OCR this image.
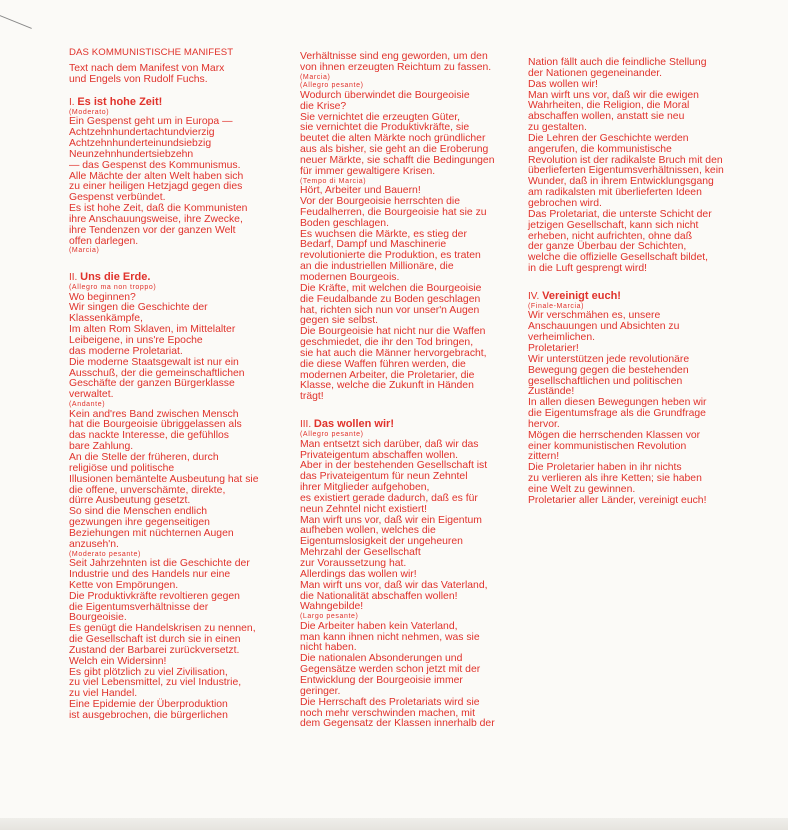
DAS KOMMUNISTISCHE MANIFEST
Text nach dem Manifest von Marx
und Engels von Rudolf Fuchs.
I. Es ist hohe Zeit!
(Moderato)
Ein Gespenst geht um in Europa —
Achtzehnhundertachtundvierzig
Achtzehnhunderteinundsiebzig
Neunzehnhundertsiebzehn
— das Gespenst des Kommunismus.
Alle Mächte der alten Welt haben sich
zu einer heiligen Hetzjagd gegen dies
Gespenst verbündet.
Es ist hohe Zeit, daß die Kommunisten
ihre Anschauungsweise, ihre Zwecke,
ihre Tendenzen vor der ganzen Welt
offen darlegen.
(Marcia)
II. Uns die Erde.
(Allegro ma non troppo)
Wo beginnen?
Wir singen die Geschichte der
Klassenkämpfe,
Im alten Rom Sklaven, im Mittelalter
Leibeigene, in uns're Epoche
das moderne Proletariat.
Die moderne Staatsgewalt ist nur ein
Ausschuß, der die gemeinschaftlichen
Geschäfte der ganzen Bürgerklasse
verwaltet.
(Andante)
Kein and'res Band zwischen Mensch
hat die Bourgeoisie übriggelassen als
das nackte Interesse, die gefühllos
bare Zahlung.
An die Stelle der früheren, durch
religiöse und politische
Illusionen bemäntelte Ausbeutung hat sie
die offene, unverschämte, direkte,
dürre Ausbeutung gesetzt.
So sind die Menschen endlich
gezwungen ihre gegenseitigen
Beziehungen mit nüchternen Augen
anzuseh'n.
(Moderato pesante)
Seit Jahrzehnten ist die Geschichte der
Industrie und des Handels nur eine
Kette von Empörungen.
Die Produktivkräfte revoltieren gegen
die Eigentumsverhältnisse der
Bourgeoisie.
Es genügt die Handelskrisen zu nennen,
die Gesellschaft ist durch sie in einen
Zustand der Barbarei zurückversetzt.
Welch ein Widersinn!
Es gibt plötzlich zu viel Zivilisation,
zu viel Lebensmittel, zu viel Industrie,
zu viel Handel.
Eine Epidemie der Überproduktion
ist ausgebrochen, die bürgerlichen
Verhältnisse sind eng geworden, um den
von ihnen erzeugten Reichtum zu fassen.
(Marcia)
(Allegro pesante)
Wodurch überwindet die Bourgeoisie
die Krise?
Sie vernichtet die erzeugten Güter,
sie vernichtet die Produktivkräfte, sie
beutet die alten Märkte noch gründlicher
aus als bisher, sie geht an die Eroberung
neuer Märkte, sie schafft die Bedingungen
für immer gewaltigere Krisen.
(Tempo di Marcia)
Hört, Arbeiter und Bauern!
Vor der Bourgeoisie herrschten die
Feudalherren, die Bourgeoisie hat sie zu
Boden geschlagen.
Es wuchsen die Märkte, es stieg der
Bedarf, Dampf und Maschinerie
revolutionierte die Produktion, es traten
an die industriellen Millionäre, die
modernen Bourgeois.
Die Kräfte, mit welchen die Bourgeoisie
die Feudalbande zu Boden geschlagen
hat, richten sich nun vor unser'n Augen
gegen sie selbst.
Die Bourgeoisie hat nicht nur die Waffen
geschmiedet, die ihr den Tod bringen,
sie hat auch die Männer hervorgebracht,
die diese Waffen führen werden, die
modernen Arbeiter, die Proletarier, die
Klasse, welche die Zukunft in Händen
trägt!
III. Das wollen wir!
(Allegro pesante)
Man entsetzt sich darüber, daß wir das
Privateigentum abschaffen wollen.
Aber in der bestehenden Gesellschaft ist
das Privateigentum für neun Zehntel
ihrer Mitglieder aufgehoben,
es existiert gerade dadurch, daß es für
neun Zehntel nicht existiert!
Man wirft uns vor, daß wir ein Eigentum
aufheben wollen, welches die
Eigentumslosigkeit der ungeheuren
Mehrzahl der Gesellschaft
zur Voraussetzung hat.
Allerdings das wollen wir!
Man wirft uns vor, daß wir das Vaterland,
die Nationalität abschaffen wollen!
Wahngebilde!
(Largo pesante)
Die Arbeiter haben kein Vaterland,
man kann ihnen nicht nehmen, was sie
nicht haben.
Die nationalen Absonderungen und
Gegensätze werden schon jetzt mit der
Entwicklung der Bourgeoisie immer
geringer.
Die Herrschaft des Proletariats wird sie
noch mehr verschwinden machen, mit
dem Gegensatz der Klassen innerhalb der
Nation fällt auch die feindliche Stellung
der Nationen gegeneinander.
Das wollen wir!
Man wirft uns vor, daß wir die ewigen
Wahrheiten, die Religion, die Moral
abschaffen wollen, anstatt sie neu
zu gestalten.
Die Lehren der Geschichte werden
angerufen, die kommunistische
Revolution ist der radikalste Bruch mit den
überlieferten Eigentumsverhältnissen, kein
Wunder, daß in ihrem Entwicklungsgang
am radikalsten mit überlieferten Ideen
gebrochen wird.
Das Proletariat, die unterste Schicht der
jetzigen Gesellschaft, kann sich nicht
erheben, nicht aufrichten, ohne daß
der ganze Überbau der Schichten,
welche die offizielle Gesellschaft bildet,
in die Luft gesprengt wird!
IV. Vereinigt euch!
(Finale-Marcia)
Wir verschmähen es, unsere
Anschauungen und Absichten zu
verheimlichen.
Proletarier!
Wir unterstützen jede revolutionäre
Bewegung gegen die bestehenden
gesellschaftlichen und politischen
Zustände!
In allen diesen Bewegungen heben wir
die Eigentumsfrage als die Grundfrage
hervor.
Mögen die herrschenden Klassen vor
einer kommunistischen Revolution
zittern!
Die Proletarier haben in ihr nichts
zu verlieren als ihre Ketten; sie haben
eine Welt zu gewinnen.
Proletarier aller Länder, vereinigt euch!
